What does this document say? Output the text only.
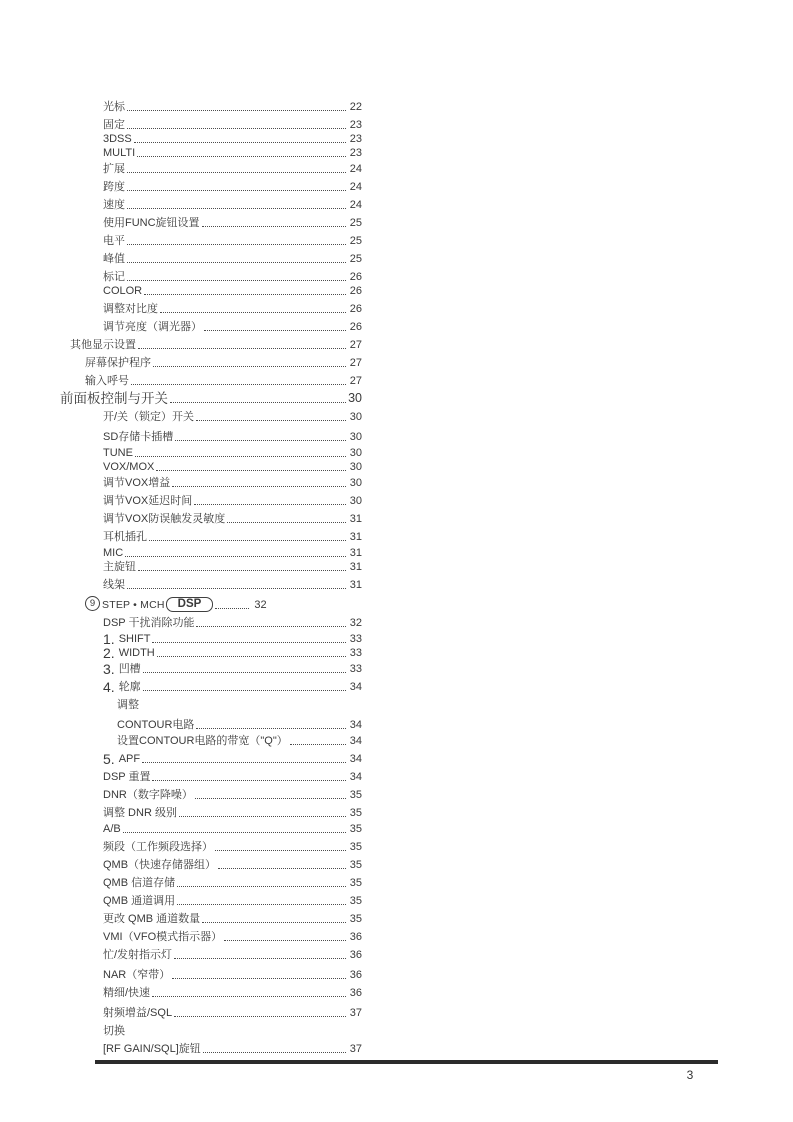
光标	22
固定	23
3DSS	23
MULTI	23
扩展	24
跨度	24
速度	24
使用FUNC旋钮设置	25
电平	25
峰值	25
标记	26
COLOR	26
调整对比度	26
调节亮度（调光器）	26
其他显示设置	27
屏幕保护程序	27
输入呼号	27
前面板控制与开关	30
开/关（锁定）开关	30
SD存储卡插槽	30
TUNE	30
VOX/MOX	30
调节VOX增益	30
调节VOX延迟时间	30
调节VOX防误触发灵敏度	31
耳机插孔	31
MIC	31
主旋钮	31
线架	31
9 STEP • MCH	DSP	32
DSP 干扰消除功能	32
1. SHIFT	33
2. WIDTH	33
3. 凹槽	33
4. 轮廓	34
调整
CONTOUR电路	34
设置CONTOUR电路的带宽（"Q"）	34
5. APF	34
DSP 重置	34
DNR（数字降噪）	35
调整 DNR 级别	35
A/B	35
频段（工作频段选择）	35
QMB（快速存储器组）	35
QMB 信道存储	35
QMB 通道调用	35
更改 QMB 通道数量	35
VMI（VFO模式指示器）	36
忙/发射指示灯	36
NAR（窄带）	36
精细/快速	36
射频增益/SQL	37
切换
[RF GAIN/SQL]旋钮	37
3
